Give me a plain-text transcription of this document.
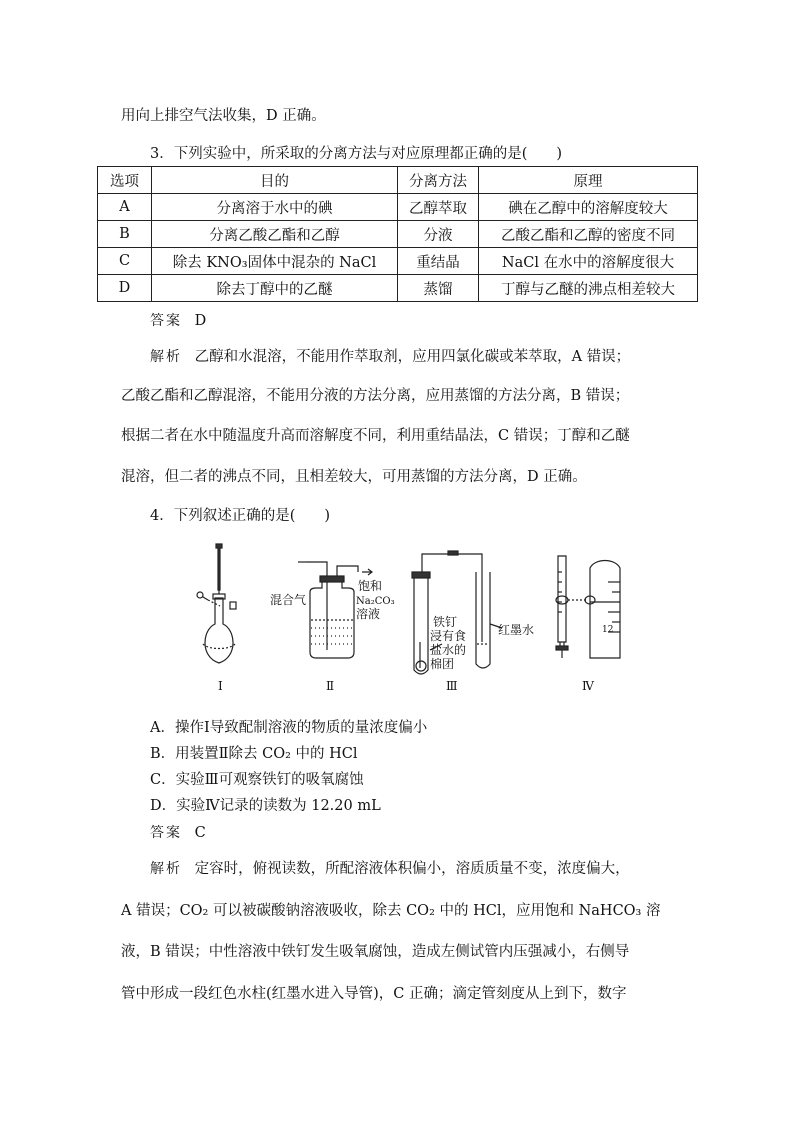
用向上排空气法收集，D 正确。
3．下列实验中，所采取的分离方法与对应原理都正确的是(　　)
选项	目的	分离方法	原理
A	分离溶于水中的碘	乙醇萃取	碘在乙醇中的溶解度较大
B	分离乙酸乙酯和乙醇	分液	乙酸乙酯和乙醇的密度不同
C	除去 KNO₃固体中混杂的 NaCl	重结晶	NaCl 在水中的溶解度很大
D	除去丁醇中的乙醚	蒸馏	丁醇与乙醚的沸点相差较大
答案 D
解析 乙醇和水混溶，不能用作萃取剂，应用四氯化碳或苯萃取，A 错误；
乙酸乙酯和乙醇混溶，不能用分液的方法分离，应用蒸馏的方法分离，B 错误；
根据二者在水中随温度升高而溶解度不同，利用重结晶法，C 错误；丁醇和乙醚
混溶，但二者的沸点不同，且相差较大，可用蒸馏的方法分离，D 正确。
4．下列叙述正确的是(　　)
混合气
饱和
Na₂CO₃
溶液
铁钉
浸有食
盐水的
棉团
红墨水	12
Ⅰ	Ⅱ	Ⅲ	Ⅳ
A．操作Ⅰ导致配制溶液的物质的量浓度偏小
B．用装置Ⅱ除去 CO₂ 中的 HCl
C．实验Ⅲ可观察铁钉的吸氧腐蚀
D．实验Ⅳ记录的读数为 12.20 mL
答案 C
解析 定容时，俯视读数，所配溶液体积偏小，溶质质量不变，浓度偏大，
A 错误；CO₂ 可以被碳酸钠溶液吸收，除去 CO₂ 中的 HCl，应用饱和 NaHCO₃ 溶
液，B 错误；中性溶液中铁钉发生吸氧腐蚀，造成左侧试管内压强减小，右侧导
管中形成一段红色水柱(红墨水进入导管)，C 正确；滴定管刻度从上到下，数字
